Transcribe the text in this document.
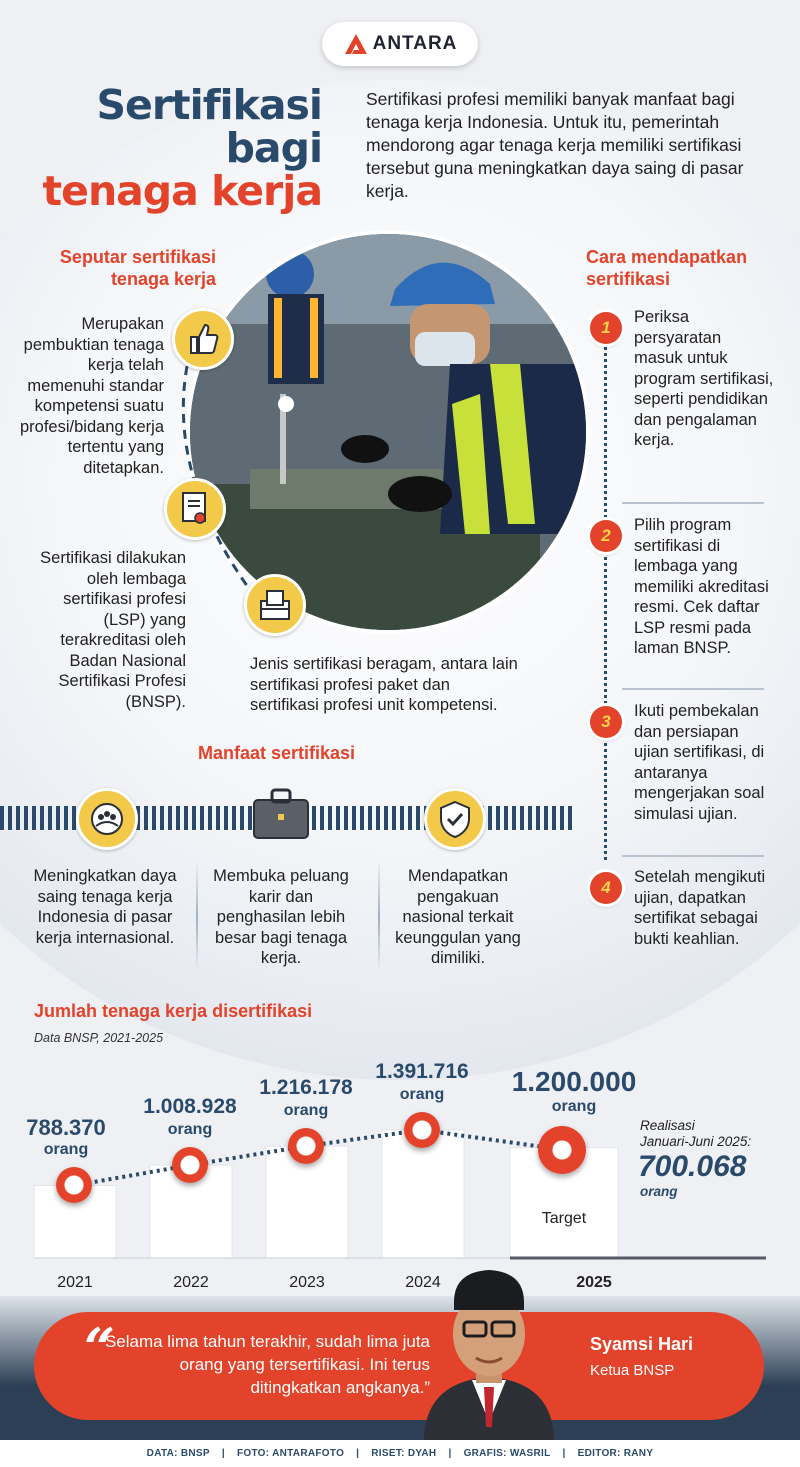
ANTARA
Sertifikasi
bagi
tenaga kerja
Sertifikasi profesi memiliki banyak manfaat bagi tenaga kerja Indonesia. Untuk itu, pemerintah mendorong agar tenaga kerja memiliki sertifikasi tersebut guna meningkatkan daya saing di pasar kerja.
Seputar sertifikasi
tenaga kerja
Merupakan pembuktian tenaga kerja telah memenuhi standar kompetensi suatu profesi/bidang kerja tertentu yang ditetapkan.
Sertifikasi dilakukan oleh lembaga sertifikasi profesi (LSP) yang terakreditasi oleh Badan Nasional Sertifikasi Profesi (BNSP).
Jenis sertifikasi beragam, antara lain sertifikasi profesi paket dan sertifikasi profesi unit kompetensi.
Cara mendapatkan
sertifikasi
1
Periksa persyaratan masuk untuk program sertifikasi, seperti pendidikan dan pengalaman kerja.
2
Pilih program sertifikasi di lembaga yang memiliki akreditasi resmi. Cek daftar LSP resmi pada laman BNSP.
3
Ikuti pembekalan dan persiapan ujian sertifikasi, di antaranya mengerjakan soal simulasi ujian.
4
Setelah mengikuti ujian, dapatkan sertifikat sebagai bukti keahlian.
Manfaat sertifikasi
Meningkatkan daya saing tenaga kerja Indonesia di pasar kerja internasional.
Membuka peluang karir dan penghasilan lebih besar bagi tenaga kerja.
Mendapatkan pengakuan nasional terkait keunggulan yang dimiliki.
Jumlah tenaga kerja disertifikasi
Data BNSP, 2021-2025
788.370
orang
2021
1.008.928
orang
2022
1.216.178
orang
2023
1.391.716
orang
2024
1.200.000
orang
2025
Target
Realisasi
Januari-Juni 2025:
700.068
orang
“
Selama lima tahun terakhir, sudah lima juta orang yang tersertifikasi. Ini terus ditingkatkan angkanya.”
Syamsi Hari
Ketua BNSP
DATA: BNSP | FOTO: ANTARAFOTO | RISET: DYAH | GRAFIS: WASRIL | EDITOR: RANY
